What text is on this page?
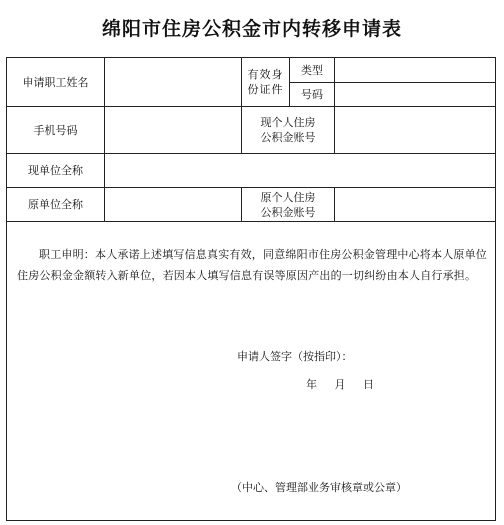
绵阳市住房公积金市内转移申请表
申请职工姓名
有效身份证件
类型
号码
手机号码
现个人住房公积金账号
现单位全称
原单位全称
原个人住房公积金账号
职工申明：本人承诺上述填写信息真实有效，同意绵阳市住房公积金管理中心将本人原单位住房公积金金额转入新单位，若因本人填写信息有误等原因产出的一切纠纷由本人自行承担。
申请人签字（按指印）：
年 月 日
（中心、管理部业务审核章或公章）
